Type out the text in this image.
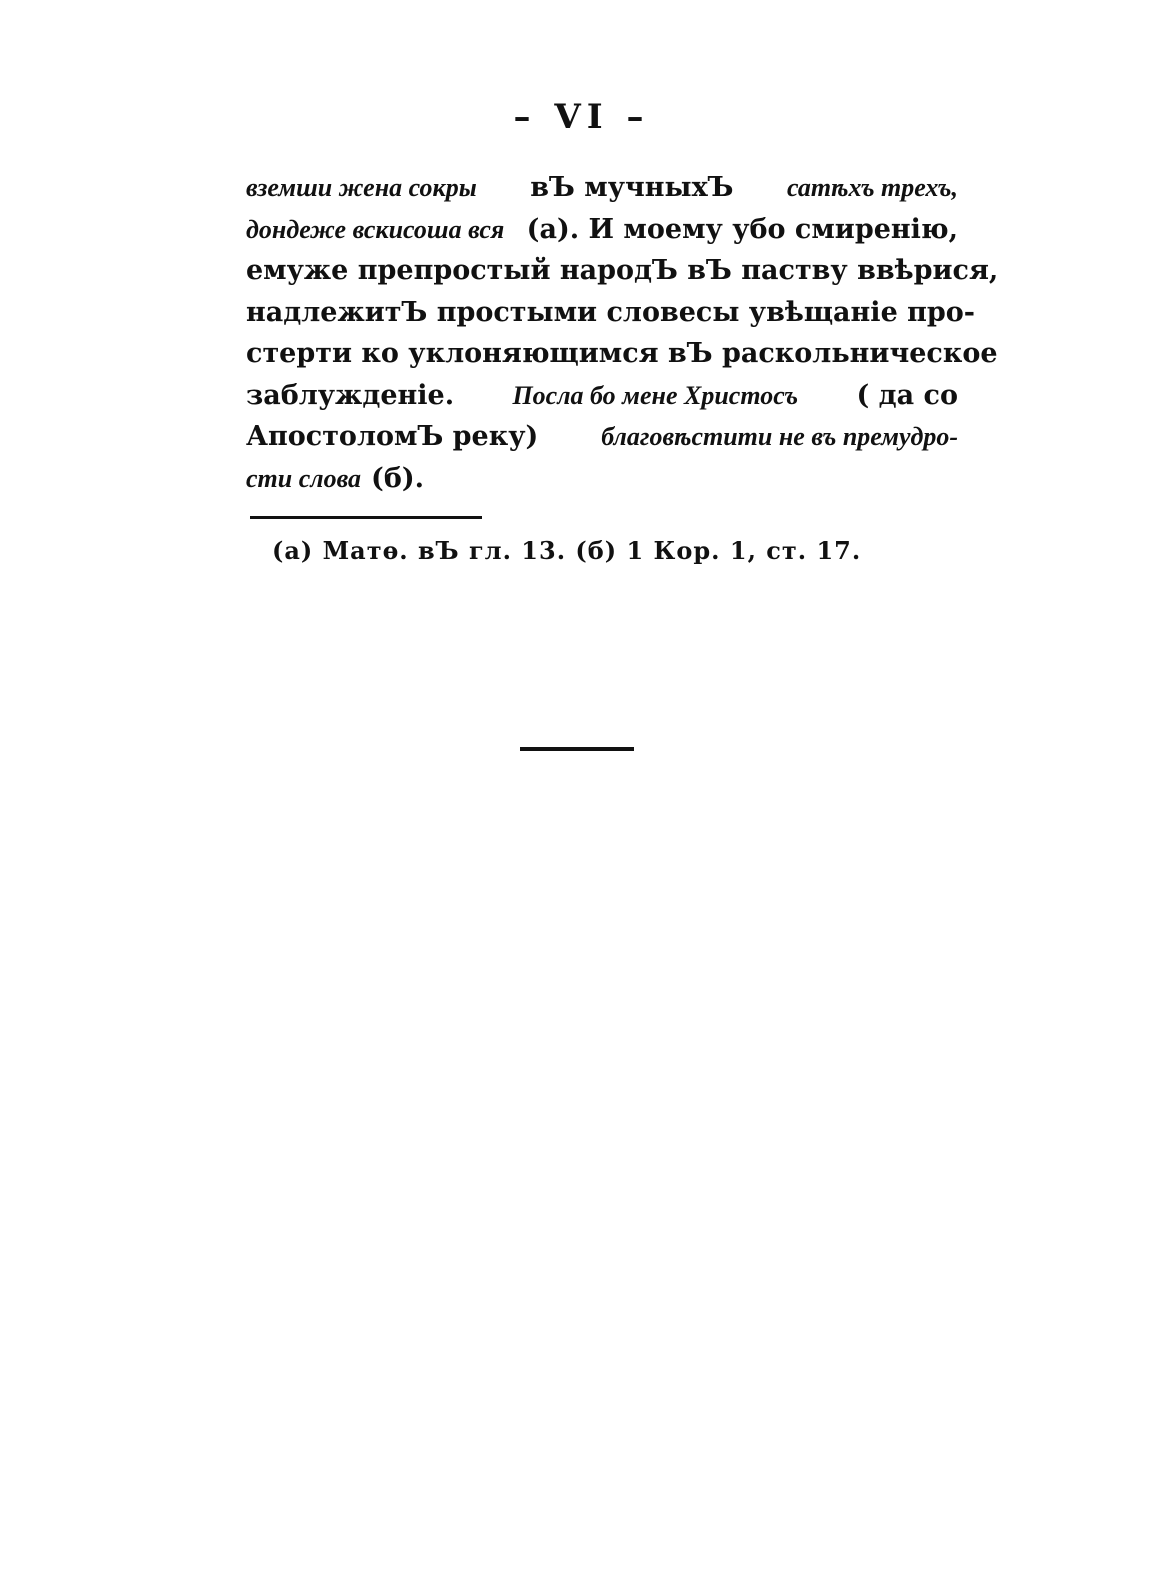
– VI –
вземши жена сокры вЪ мучныхЪ сатѣхъ трехъ,
дондеже вскисоша вся (а). И моему убо смиренію,
емуже препростый народЪ вЪ паству ввѣрися,
надлежитЪ простыми словесы увѣщаніе про-
стерти ко уклоняющимся вЪ раскольническое
заблужденіе. Посла бо мене Христосъ ( да со
АпостоломЪ реку) благовѣстити не въ премудро-
сти слова (б).
(а) Матѳ. вЪ гл. 13. (б) 1 Кор. 1, ст. 17.
